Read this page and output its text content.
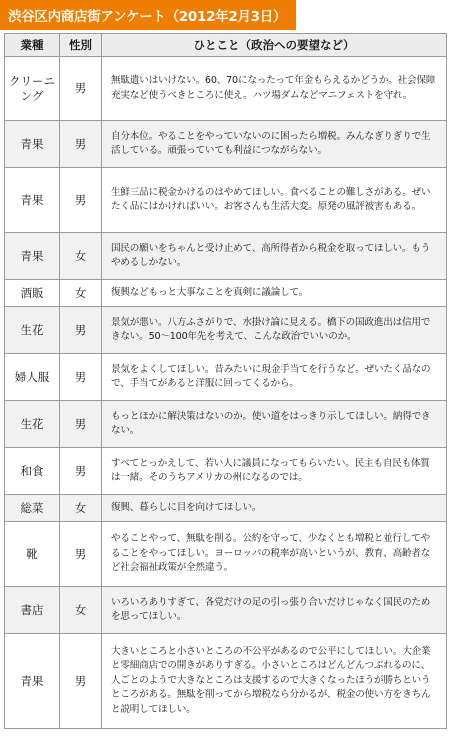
渋谷区内商店街アンケート（2012年2月3日）
業種	性別	ひとこと（政治への要望など）
クリーニング	男	無駄遣いはいけない。60、70になったって年金もらえるかどうか。社会保障充実など使うべきところに使え。ハツ場ダムなどマニフェストを守れ。
青果	男	自分本位。やることをやっていないのに困ったら増税。みんなぎりぎりで生活している。頑張っていても利益につながらない。
青果	男	生鮮三品に税金かけるのはやめてほしい。食べることの難しさがある。ぜいたく品にはかければいい。お客さんも生活大変。原発の風評被害もある。
青果	女	国民の願いをちゃんと受け止めて、高所得者から税金を取ってほしい。もうやめるしかない。
酒販	女	復興などもっと大事なことを真剣に議論して。
生花	男	景気が悪い。八方ふさがりで、水掛け論に見える。橋下の国政進出は信用できない。50～100年先を考えて、こんな政治でいいのか。
婦人服	男	景気をよくしてほしい。昔みたいに現金手当てを行うなど。ぜいたく品なので、手当てがあると洋服に回ってくるから。
生花	男	もっとほかに解決策はないのか。使い道をはっきり示してほしい。納得できない。
和食	男	すべてとっかえして、若い人に議員になってもらいたい。民主も自民も体質は一緒。そのうちアメリカの州になるのでは。
総菜	女	復興、暮らしに目を向けてほしい。
靴	男	やることやって、無駄を削る。公約を守って、少なくとも増税と並行してやることをやってほしい。ヨーロッパの税率が高いというが、教育、高齢者など社会福祉政策が全然違う。
書店	女	いろいろありすぎて、各党だけの足の引っ張り合いだけじゃなく国民のためを思ってほしい。
青果	男	大きいところと小さいところの不公平があるので公平にしてほしい。大企業と零細商店での開きがありすぎる。小さいところはどんどんつぶれるのに、人ごとのようで大きなところは支援するので大きくなったほうが勝ちというところがある。無駄を削ってから増税なら分かるが、税金の使い方をきちんと説明してほしい。
